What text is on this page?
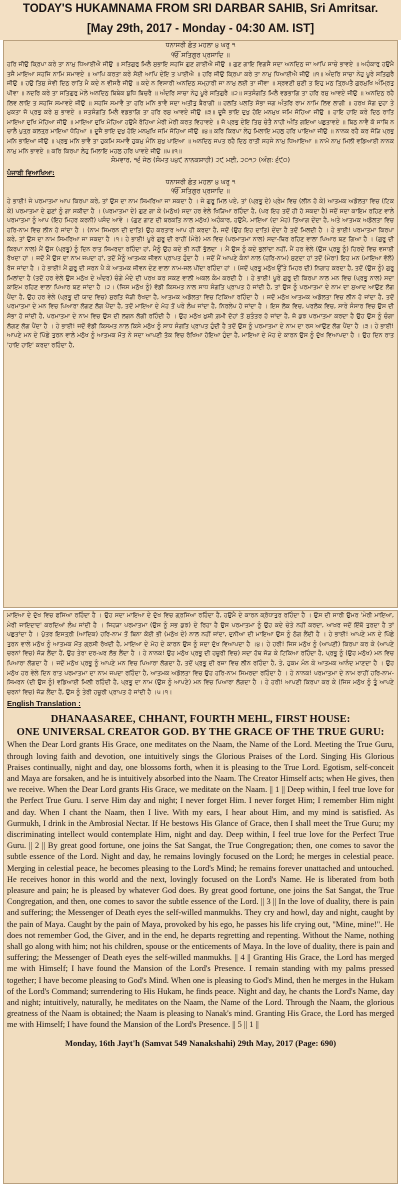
TODAY'S HUKAMNAMA FROM SRI DARBAR SAHIB, Sri Amritsar.
[May 29th, 2017 - Monday - 04:30 AM. IST]

ਧਨਾਸਰੀ ਛੰਤ ਮਹਲਾ ੪ ਘਰੁ ੧

ੴ ਸਤਿਗੁਰ ਪ੍ਰਸਾਦਿ ॥

ਹਰਿ ਜੀਉ ਕ੍ਰਿਪਾ ਕਰੇ ਤਾ ਨਾਮੁ ਧਿਆਈਐ ਜੀਉ ॥ ਸਤਿਗੁਰੁ ਮਿਲੈ ਸੁਭਾਇ ਸਹਜਿ ਗੁਣ ਗਾਈਐ ਜੀਉ ॥ ਗੁਣ ਗਾਇ ਵਿਗਸੈ ਸਦਾ ਅਨਦਿਨੁ ਜਾ ਆਪਿ ਸਾਚੇ ਭਾਵਏ ॥ ਅਹੰਕਾਰੁ ਹਉਮੈ ਤਜੈ ਮਾਇਆ ਸਹਜਿ ਨਾਮਿ ਸਮਾਵਏ ॥ ਆਪਿ ਕਰਤਾ ਕਰੇ ਸੋਈ ਆਪਿ ਦੇਇ ਤ ਪਾਈਐ ॥ ਹਰਿ ਜੀਉ ਕ੍ਰਿਪਾ ਕਰੇ ਤਾ ਨਾਮੁ ਧਿਆਈਐ ਜੀਉ ॥੧॥ ਅੰਦਰਿ ਸਾਚਾ ਨੇਹੁ ਪੂਰੇ ਸਤਿਗੁਰੈ ਜੀਉ ॥ ਹਉ ਤਿਸੁ ਸੇਵੀ ਦਿਨੁ ਰਾਤਿ ਮੈ ਕਦੇ ਨ ਵੀਸਰੈ ਜੀਉ ॥ ਕਦੇ ਨ ਵਿਸਾਰੀ ਅਨਦਿਨੁ ਸਮ੍ਹਾਰੀ ਜਾ ਨਾਮੁ ਲਈ ਤਾ ਜੀਵਾ ॥ ਸ੍ਰਵਣੀ ਸੁਣੀ ਤ ਇਹੁ ਮਨੁ ਤ੍ਰਿਪਤੈ ਗੁਰਮੁਖਿ ਅੰਮ੍ਰਿਤੁ ਪੀਵਾ ॥ ਨਦਰਿ ਕਰੇ ਤਾ ਸਤਿਗੁਰੁ ਮੇਲੇ ਅਨਦਿਨੁ ਬਿਬੇਕ ਬੁਧਿ ਬਿਚਰੈ ॥ ਅੰਦਰਿ ਸਾਚਾ ਨੇਹੁ ਪੂਰੇ ਸਤਿਗੁਰੈ ॥੨॥ ਸਤਸੰਗਤਿ ਮਿਲੈ ਵਡਭਾਗਿ ਤਾ ਹਰਿ ਰਸੁ ਆਵਏ ਜੀਉ ॥ ਅਨਦਿਨੁ ਰਹੈ ਲਿਵ ਲਾਇ ਤ ਸਹਜਿ ਸਮਾਵਏ ਜੀਉ ॥ ਸਹਜਿ ਸਮਾਵੈ ਤਾ ਹਰਿ ਮਨਿ ਭਾਵੈ ਸਦਾ ਅਤੀਤੁ ਬੈਰਾਗੀ ॥ ਹਲਤਿ ਪਲਤਿ ਸੋਭਾ ਜਗ ਅੰਤਰਿ ਰਾਮ ਨਾਮਿ ਲਿਵ ਲਾਗੀ ॥ ਹਰਖ ਸੋਗ ਦੁਹਾ ਤੇ ਮੁਕਤਾ ਜੋ ਪ੍ਰਭੁ ਕਰੇ ਸੁ ਭਾਵਏ ॥ ਸਤਸੰਗਤਿ ਮਿਲੈ ਵਡਭਾਗਿ ਤਾ ਹਰਿ ਰਸੁ ਆਵਏ ਜੀਉ ॥੩॥ ਦੂਜੈ ਭਾਇ ਦੁਖੁ ਹੋਇ ਮਨਮੁਖ ਜਮਿ ਜੋਹਿਆ ਜੀਉ ॥ ਹਾਇ ਹਾਇ ਕਰੇ ਦਿਨੁ ਰਾਤਿ ਮਾਇਆ ਦੁਖਿ ਮੋਹਿਆ ਜੀਉ ॥ ਮਾਇਆ ਦੁਖਿ ਮੋਹਿਆ ਹਉਮੈ ਰੋਹਿਆ ਮੇਰੀ ਮੇਰੀ ਕਰਤ ਵਿਹਾਵਏ ॥ ਜੋ ਪ੍ਰਭੁ ਦੇਇ ਤਿਸੁ ਚੇਤੈ ਨਾਹੀ ਅੰਤਿ ਗਇਆ ਪਛੁਤਾਵਏ ॥ ਬਿਨੁ ਨਾਵੈ ਕੋ ਸਾਥਿ ਨ ਚਾਲੈ ਪੁਤ੍ਰ ਕਲਤ੍ਰ ਮਾਇਆ ਧੋਹਿਆ ॥ ਦੂਜੈ ਭਾਇ ਦੁਖੁ ਹੋਇ ਮਨਮੁਖਿ ਜਮਿ ਜੋਹਿਆ ਜੀਉ ॥੪॥ ਕਰਿ ਕਿਰਪਾ ਲੇਹੁ ਮਿਲਾਇ ਮਹਲੁ ਹਰਿ ਪਾਇਆ ਜੀਉ ॥ ਨਾਨਕ ਰਹੈ ਕਰ ਜੋੜਿ ਪ੍ਰਭੁ ਮਨਿ ਭਾਇਆ ਜੀਉ ॥ ਪ੍ਰਭੁ ਮਨਿ ਭਾਵੈ ਤਾ ਹੁਕਮਿ ਸਮਾਵੈ ਹੁਕਮੁ ਮੰਨਿ ਸੁਖੁ ਪਾਇਆ ॥ ਅਨਦਿਨੁ ਜਪਤ ਰਹੈ ਦਿਨੁ ਰਾਤੀ ਸਹਜੇ ਨਾਮੁ ਧਿਆਇਆ ॥ ਨਾਮੋ ਨਾਮੁ ਮਿਲੀ ਵਡਿਆਈ ਨਾਨਕ ਨਾਮੁ ਮਨਿ ਭਾਵਏ ॥ ਕਰਿ ਕਿਰਪਾ ਲੇਹੁ ਮਿਲਾਇ ਮਹਲੁ ਹਰਿ ਪਾਵਏ ਜੀਉ ॥੫॥੧॥

ਸੋਮਵਾਰ, ੧੬ ਜੇਠ (ਸੰਮਤ ੫੪੯ ਨਾਨਕਸ਼ਾਹੀ) ੨੯ ਮਈ, ੨੦੧੭ (ਅੰਗ: ੬੯੦)

ਪੰਜਾਬੀ ਵਿਆਖਿਆ:

ਧਨਾਸਰੀ ਛੰਤ ਮਹਲਾ ੪ ਘਰੁ ੧

ੴ ਸਤਿਗੁਰ ਪ੍ਰਸਾਦਿ ॥

ਹੇ ਭਾਈ! ਜੇ ਪਰਮਾਤਮਾ ਆਪ ਕਿਰਪਾ ਕਰੇ, ਤਾਂ ਉਸ ਦਾ ਨਾਮ ਸਿਮਰਿਆ ਜਾ ਸਕਦਾ ਹੈ । ਜੇ ਗੁਰੂ ਮਿਲ ਪਏ, ਤਾਂ (ਪ੍ਰਭੂ ਦੇ) ਪ੍ਰੇਮ ਵਿਚ (ਲੀਨ ਹੋ ਕੇ) ਆਤਮਕ ਅਡੋਲਤਾ ਵਿਚ (ਟਿਕ ਕੇ) ਪਰਮਾਤਮਾ ਦੇ ਗੁਣਾਂ ਨੂੰ ਗਾ ਸਕੀਦਾ ਹੈ । (ਪਰਮਾਤਮਾ ਦੇ) ਗੁਣ ਗਾ ਕੇ (ਮਨੁੱਖ) ਸਦਾ ਹਰ ਵੇਲੇ ਖਿੜਿਆ ਰਹਿੰਦਾ ਹੈ, (ਪਰ ਇਹ ਤਦੋਂ ਹੀ ਹੋ ਸਕਦਾ ਹੈ) ਜਦੋਂ ਸਦਾ ਕਾਇਮ ਰਹਿਣ ਵਾਲੇ ਪਰਮਾਤਮਾ ਨੂੰ ਆਪ (ਇਹ ਮਿਹਰ ਕਰਨੀ) ਪਸੰਦ ਆਵੇ । (ਗੁਣ ਗਾਣ ਦੀ ਬਰਕਤਿ ਨਾਲ ਮਨੁੱਖ) ਅਹੰਕਾਰ, ਹਉਮੈ, ਮਾਇਆ (ਦਾ ਮੋਹ) ਤਿਆਗ ਦੇਂਦਾ ਹੈ, ਅਤੇ ਆਤਮਕ ਅਡੋਲਤਾ ਵਿਚ ਹਰਿ-ਨਾਮ ਵਿਚ ਲੀਨ ਹੋ ਜਾਂਦਾ ਹੈ । (ਨਾਮ ਸਿਮਰਨ ਦੀ ਦਾਤਿ) ਉਹ ਕਰਤਾਰ ਆਪ ਹੀ ਕਰਦਾ ਹੈ, ਜਦੋਂ (ਉਹ ਇਹ ਦਾਤਿ) ਦੇਂਦਾ ਹੈ ਤਦੋਂ ਮਿਲਦੀ ਹੈ । ਹੇ ਭਾਈ! ਪਰਮਾਤਮਾ ਕਿਰਪਾ ਕਰੇ, ਤਾਂ ਉਸ ਦਾ ਨਾਮ ਸਿਮਰਿਆ ਜਾ ਸਕਦਾ ਹੈ ।੧। ਹੇ ਭਾਈ! ਪੂਰੇ ਗੁਰੂ ਦੀ ਰਾਹੀਂ (ਮੇਰੇ) ਮਨ ਵਿਚ (ਪਰਮਾਤਮਾ ਨਾਲ) ਸਦਾ-ਥਿਰ ਰਹਿਣ ਵਾਲਾ ਪਿਆਰ ਬਣ ਗਿਆ ਹੈ । (ਗੁਰੂ ਦੀ ਕਿਰਪਾ ਨਾਲ) ਮੈਂ ਉਸ (ਪ੍ਰਭੂ) ਨੂੰ ਦਿਨ ਰਾਤ ਸਿਮਰਦਾ ਰਹਿੰਦਾ ਹਾਂ, ਮੈਨੂੰ ਉਹ ਕਦੇ ਭੀ ਨਹੀਂ ਭੁੱਲਦਾ । ਮੈਂ ਉਸ ਨੂੰ ਕਦੇ ਭੁਲਾਂਦਾ ਨਹੀਂ, ਮੈਂ ਹਰ ਵੇਲੇ (ਉਸ ਪ੍ਰਭੂ ਨੂੰ) ਹਿਰਦੇ ਵਿਚ ਵਸਾਈ ਰੱਖਦਾ ਹਾਂ । ਜਦੋਂ ਮੈਂ ਉਸ ਦਾ ਨਾਮ ਜਪਦਾ ਹਾਂ, ਤਦੋਂ ਮੈਨੂੰ ਆਤਮਕ ਜੀਵਨ ਪ੍ਰਾਪਤ ਹੁੰਦਾ ਹੈ । ਜਦੋਂ ਮੈਂ ਆਪਣੇ ਕੰਨਾਂ ਨਾਲ (ਹਰਿ-ਨਾਮ) ਸੁਣਦਾ ਹਾਂ ਤਦੋਂ (ਮੇਰਾ) ਇਹ ਮਨ (ਮਾਇਆ ਵੱਲੋਂ) ਰੱਜ ਜਾਂਦਾ ਹੈ । ਹੇ ਭਾਈ! ਮੈਂ ਗੁਰੂ ਦੀ ਸਰਨ ਪੈ ਕੇ ਆਤਮਕ ਜੀਵਨ ਦੇਣ ਵਾਲਾ ਨਾਮ-ਜਲ ਪੀਂਦਾ ਰਹਿੰਦਾ ਹਾਂ । (ਜਦੋਂ ਪ੍ਰਭੂ ਮਨੁੱਖ ਉੱਤੇ ਮਿਹਰ ਦੀ) ਨਿਗਾਹ ਕਰਦਾ ਹੈ, ਤਦੋਂ (ਉਸ ਨੂੰ) ਗੁਰੂ ਮਿਲਾਂਦਾ ਹੈ (ਤਦੋਂ ਹਰ ਵੇਲੇ ਉਸ ਮਨੁੱਖ ਦੇ ਅੰਦਰ) ਚੰਗੇ ਮੰਦੇ ਦੀ ਪਰਖ ਕਰ ਸਕਣ ਵਾਲੀ ਅਕਲ ਕੰਮ ਕਰਦੀ ਹੈ । ਹੇ ਭਾਈ! ਪੂਰੇ ਗੁਰੂ ਦੀ ਕਿਰਪਾ ਨਾਲ ਮਨ ਵਿਚ (ਪ੍ਰਭੂ ਨਾਲ) ਸਦਾ ਕਾਇਮ ਰਹਿਣ ਵਾਲਾ ਪਿਆਰ ਬਣ ਜਾਂਦਾ ਹੈ ।੨। (ਜਿਸ ਮਨੁੱਖ ਨੂੰ) ਵੱਡੀ ਕਿਸਮਤ ਨਾਲ ਸਾਧ ਸੰਗਤਿ ਪ੍ਰਾਪਤ ਹੋ ਜਾਂਦੀ ਹੈ, ਤਾਂ ਉਸ ਨੂੰ ਪਰਮਾਤਮਾ ਦੇ ਨਾਮ ਦਾ ਸੁਆਦ ਆਉਣ ਲੱਗ ਪੈਂਦਾ ਹੈ, ਉਹ ਹਰ ਵੇਲੇ (ਪ੍ਰਭੂ ਦੀ ਯਾਦ ਵਿਚ) ਸੁਰਤਿ ਜੋੜੀ ਰੱਖਦਾ ਹੈ, ਆਤਮਕ ਅਡੋਲਤਾ ਵਿਚ ਟਿਕਿਆ ਰਹਿੰਦਾ ਹੈ । ਜਦੋਂ ਮਨੁੱਖ ਆਤਮਕ ਅਡੋਲਤਾ ਵਿਚ ਲੀਨ ਹੋ ਜਾਂਦਾ ਹੈ, ਤਦੋਂ ਪਰਮਾਤਮਾ ਦੇ ਮਨ ਵਿਚ ਪਿਆਰਾ ਲੱਗਣ ਲੱਗ ਪੈਂਦਾ ਹੈ, ਤਦੋਂ ਮਾਇਆ ਦੇ ਮੋਹ ਤੋਂ ਪਰੇ ਲੰਘ ਜਾਂਦਾ ਹੈ, ਨਿਰਲੇਪ ਹੋ ਜਾਂਦਾ ਹੈ । ਇਸ ਲੋਕ ਵਿਚ, ਪਰਲੋਕ ਵਿਚ, ਸਾਰੇ ਸੰਸਾਰ ਵਿਚ ਉਸ ਦੀ ਸੋਭਾ ਹੋ ਜਾਂਦੀ ਹੈ, ਪਰਮਾਤਮਾ ਦੇ ਨਾਮ ਵਿਚ ਉਸ ਦੀ ਲਗਨ ਲੱਗੀ ਰਹਿੰਦੀ ਹੈ । ਉਹ ਮਨੁੱਖ ਖ਼ੁਸ਼ੀ ਗ਼ਮੀ ਦੋਹਾਂ ਤੋਂ ਸੁਤੰਤਰ ਹੋ ਜਾਂਦਾ ਹੈ, ਜੋ ਕੁਝ ਪਰਮਾਤਮਾ ਕਰਦਾ ਹੈ ਉਹ ਉਸ ਨੂੰ ਚੰਗਾ ਲੱਗਣ ਲੱਗ ਪੈਂਦਾ ਹੈ । ਹੇ ਭਾਈ! ਜਦੋਂ ਵੱਡੀ ਕਿਸਮਤ ਨਾਲ ਕਿਸੇ ਮਨੁੱਖ ਨੂੰ ਸਾਧ ਸੰਗਤਿ ਪ੍ਰਾਪਤ ਹੁੰਦੀ ਹੈ ਤਦੋਂ ਉਸ ਨੂੰ ਪਰਮਾਤਮਾ ਦੇ ਨਾਮ ਦਾ ਰਸ ਆਉਣ ਲੱਗ ਪੈਂਦਾ ਹੈ ।੩। ਹੇ ਭਾਈ! ਆਪਣੇ ਮਨ ਦੇ ਪਿੱਛੇ ਤੁਰਨ ਵਾਲੇ ਮਨੁੱਖ ਨੂੰ ਆਤਮਕ ਮੌਤ ਨੇ ਸਦਾ ਆਪਣੀ ਤੱਕ ਵਿਚ ਰੱਖਿਆ ਹੋਇਆ ਹੁੰਦਾ ਹੈ, ਮਾਇਆ ਦੇ ਮੋਹ ਦੇ ਕਾਰਨ ਉਸ ਨੂੰ ਦੁੱਖ ਵਿਆਪਦਾ ਹੈ । ਉਹ ਦਿਨ ਰਾਤ 'ਹਾਇ ਹਾਇ' ਕਰਦਾ ਰਹਿੰਦਾ ਹੈ,

ਮਾਇਆ ਦੇ ਦੁੱਖ ਵਿਚ ਫਸਿਆ ਰਹਿੰਦਾ ਹੈ । ਉਹ ਸਦਾ ਮਾਇਆ ਦੇ ਦੁੱਖ ਵਿਚ ਗ੍ਰਸਿਆ ਰਹਿੰਦਾ ਹੈ, ਹਉਮੈ ਦੇ ਕਾਰਨ ਕ੍ਰੋਧਾਤੁਰ ਰਹਿੰਦਾ ਹੈ । ਉਸ ਦੀ ਸਾਰੀ ਉਮਰ 'ਮੇਰੀ ਮਾਇਆ, ਮੇਰੀ ਜਾਇਦਾਦ' ਕਰਦਿਆਂ ਲੰਘ ਜਾਂਦੀ ਹੈ । ਜਿਹੜਾ ਪਰਮਾਤਮਾ (ਉਸ ਨੂੰ ਸਭ ਕੁਝ) ਦੇ ਰਿਹਾ ਹੈ ਉਸ ਪਰਮਾਤਮਾ ਨੂੰ ਉਹ ਕਦੇ ਚੇਤੇ ਨਹੀਂ ਕਰਦਾ, ਆਖ਼ਰ ਜਦੋਂ ਇੱਥੋਂ ਤੁਰਦਾ ਹੈ ਤਾਂ ਪਛੁਤਾਂਦਾ ਹੈ । ਪੁੱਤਰ ਇਸਤ੍ਰੀ (ਆਦਿਕ) ਹਰਿ-ਨਾਮ ਤੋਂ ਬਿਨਾ ਕੋਈ ਭੀ (ਮਨੁੱਖ ਦੇ) ਨਾਲ ਨਹੀਂ ਜਾਂਦਾ, ਦੁਨੀਆ ਦੀ ਮਾਇਆ ਉਸ ਨੂੰ ਠੱਗ ਲੈਂਦੀ ਹੈ । ਹੇ ਭਾਈ! ਆਪਣੇ ਮਨ ਦੇ ਪਿੱਛੇ ਤੁਰਨ ਵਾਲੇ ਮਨੁੱਖ ਨੂੰ ਆਤਮਕ ਮੌਤ ਗ੍ਰਸੀ ਰੱਖਦੀ ਹੈ, ਮਾਇਆ ਦੇ ਮੋਹ ਦੇ ਕਾਰਨ ਉਸ ਨੂੰ ਸਦਾ ਦੁੱਖ ਵਿਆਪਦਾ ਹੈ ।੪। ਹੇ ਹਰੀ! ਜਿਸ ਮਨੁੱਖ ਨੂੰ (ਆਪਣੀ) ਕਿਰਪਾ ਕਰ ਕੇ (ਆਪਣੇ ਚਰਨਾਂ ਵਿਚ) ਜੋੜ ਲੈਂਦਾ ਹੈਂ, ਉਹ ਤੇਰਾ ਦਰ-ਘਰ ਲੱਭ ਲੈਂਦਾ ਹੈ । ਹੇ ਨਾਨਕ! ਉਹ ਮਨੁੱਖ ਪ੍ਰਭੂ ਦੀ ਹਜ਼ੂਰੀ ਵਿਚ) ਸਦਾ ਹੱਥ ਜੋੜ ਕੇ ਟਿਕਿਆ ਰਹਿੰਦਾ ਹੈ, ਪ੍ਰਭੂ ਨੂੰ (ਉਹ ਮਨੁੱਖ) ਮਨ ਵਿਚ ਪਿਆਰਾ ਲੱਗਦਾ ਹੈ । ਜਦੋਂ ਮਨੁੱਖ ਪ੍ਰਭੂ ਨੂੰ ਆਪਣੇ ਮਨ ਵਿਚ ਪਿਆਰਾ ਲੱਗਦਾ ਹੈ, ਤਦੋਂ ਪ੍ਰਭੂ ਦੀ ਰਜ਼ਾ ਵਿਚ ਲੀਨ ਰਹਿੰਦਾ ਹੈ, ਤੇ, ਹੁਕਮ ਮੰਨ ਕੇ ਆਤਮਕ ਆਨੰਦ ਮਾਣਦਾ ਹੈ । ਉਹ ਮਨੁੱਖ ਹਰ ਵੇਲੇ ਦਿਨ ਰਾਤ ਪਰਮਾਤਮਾ ਦਾ ਨਾਮ ਜਪਦਾ ਰਹਿੰਦਾ ਹੈ, ਆਤਮਕ ਅਡੋਲਤਾ ਵਿਚ ਉਹ ਹਰਿ-ਨਾਮ ਸਿਮਰਦਾ ਰਹਿੰਦਾ ਹੈ । ਹੇ ਨਾਨਕ! ਪਰਮਾਤਮਾ ਦੇ ਨਾਮ ਰਾਹੀਂ ਹਰਿ-ਨਾਮ-ਸਿਮਰਨ (ਦੀ ਉਸ ਨੂੰ) ਵਡਿਆਈ ਮਿਲੀ ਰਹਿੰਦੀ ਹੈ, ਪ੍ਰਭੂ ਦਾ ਨਾਮ (ਉਸ ਨੂੰ ਆਪਣੇ) ਮਨ ਵਿਚ ਪਿਆਰਾ ਲੱਗਦਾ ਹੈ । ਹੇ ਹਰੀ! ਆਪਣੀ ਕਿਰਪਾ ਕਰ ਕੇ (ਜਿਸ ਮਨੁੱਖ ਨੂੰ ਤੂੰ ਆਪਣੇ ਚਰਨਾਂ ਵਿਚ) ਜੋੜ ਲੈਂਦਾ ਹੈਂ, ਉਸ ਨੂੰ ਤੇਰੀ ਹਜ਼ੂਰੀ ਪ੍ਰਾਪਤ ਹੋ ਜਾਂਦੀ ਹੈ ।੫।੧।

English Translation :

DHANAASAREE, CHHANT, FOURTH MEHL, FIRST HOUSE:

ONE UNIVERSAL CREATOR GOD. BY THE GRACE OF THE TRUE GURU:

When the Dear Lord grants His Grace, one meditates on the Naam, the Name of the Lord. Meeting the True Guru, through loving faith and devotion, one intuitively sings the Glorious Praises of the Lord. Singing His Glorious Praises continually, night and day, one blossoms forth, when it is pleasing to the True Lord. Egotism, self-conceit and Maya are forsaken, and he is intuitively absorbed into the Naam. The Creator Himself acts; when He gives, then we receive. When the Dear Lord grants His Grace, we meditate on the Naam. || 1 || Deep within, I feel true love for the Perfect True Guru. I serve Him day and night; I never forget Him. I never forget Him; I remember Him night and day. When I chant the Naam, then I live. With my ears, I hear about Him, and my mind is satisfied. As Gurmukh, I drink in the Ambrosial Nectar. If He bestows His Glance of Grace, then I shall meet the True Guru; my discriminating intellect would contemplate Him, night and day. Deep within, I feel true love for the Perfect True Guru. || 2 || By great good fortune, one joins the Sat Sangat, the True Congregation; then, one comes to savor the subtle essence of the Lord. Night and day, he remains lovingly focused on the Lord; he merges in celestial peace. Merging in celestial peace, he becomes pleasing to the Lord's Mind; he remains forever unattached and untouched. He receives honor in this world and the next, lovingly focused on the Lord's Name. He is liberated from both pleasure and pain; he is pleased by whatever God does. By great good fortune, one joins the Sat Sangat, the True Congregation, and then, one comes to savor the subtle essence of the Lord. || 3 || In the love of duality, there is pain and suffering; the Messenger of Death eyes the self-willed manmukhs. They cry and howl, day and night, caught by the pain of Maya. Caught by the pain of Maya, provoked by his ego, he passes his life crying out, "Mine, mine!". He does not remember God, the Giver, and in the end, he departs regretting and repenting. Without the Name, nothing shall go along with him; not his children, spouse or the enticements of Maya. In the love of duality, there is pain and suffering; the Messenger of Death eyes the self-willed manmukhs. || 4 || Granting His Grace, the Lord has merged me with Himself; I have found the Mansion of the Lord's Presence. I remain standing with my palms pressed together; I have become pleasing to God's Mind. When one is pleasing to God's Mind, then he merges in the Hukam of the Lord's Command; surrendering to His Hukam, he finds peace. Night and day, he chants the Lord's Name, day and night; intuitively, naturally, he meditates on the Naam, the Name of the Lord. Through the Naam, the glorious greatness of the Naam is obtained; the Naam is pleasing to Nanak's mind. Granting His Grace, the Lord has merged me with Himself; I have found the Mansion of the Lord's Presence. || 5 || 1 ||

Monday, 16th Jayt'h (Samvat 549 Nanakshahi) 29th May, 2017 (Page: 690)
